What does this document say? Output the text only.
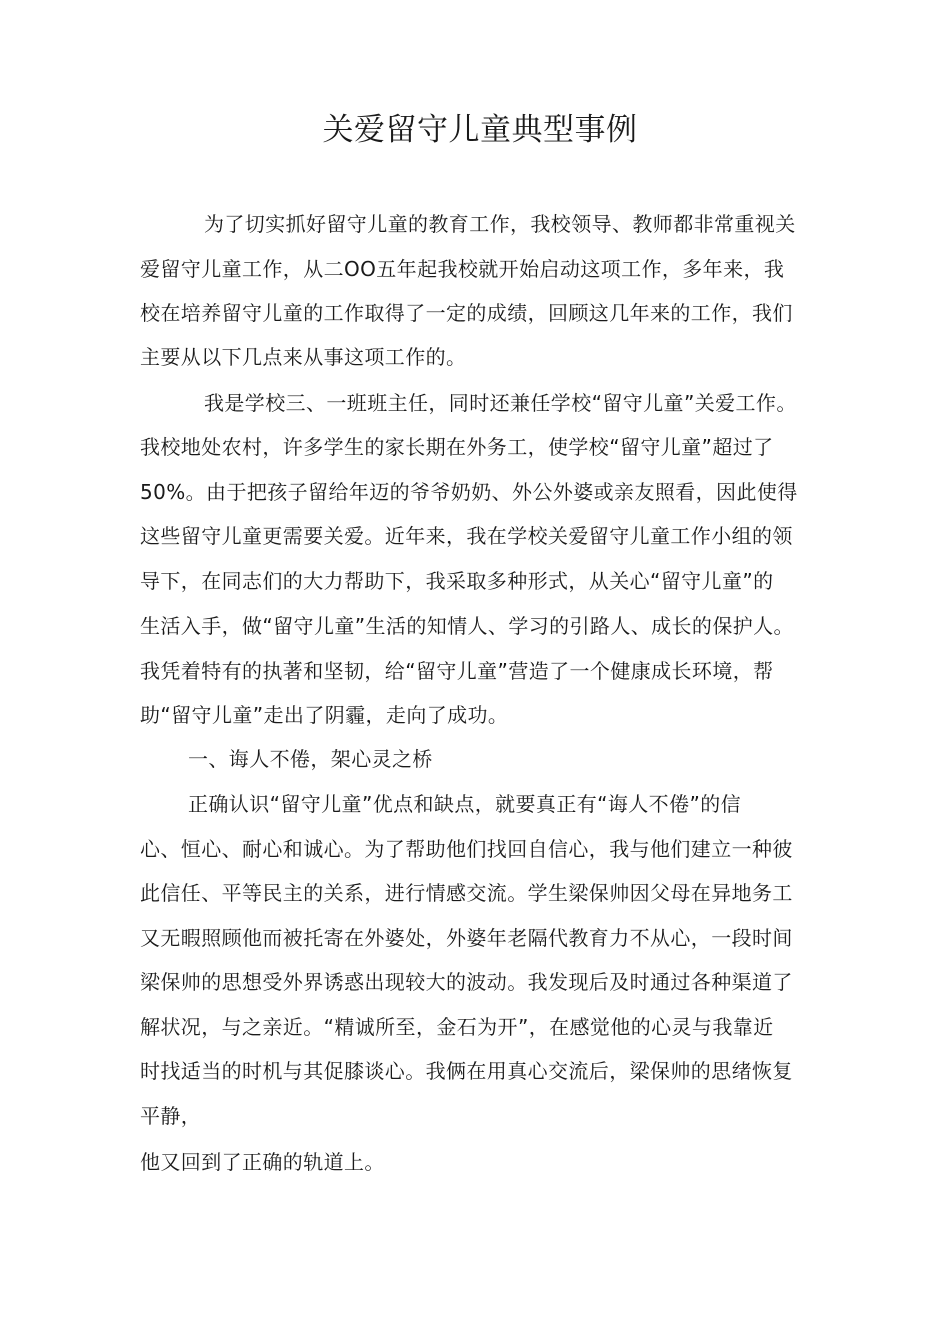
关爱留守儿童典型事例
为了切实抓好留守儿童的教育工作，我校领导、教师都非常重视关
爱留守儿童工作，从二OO五年起我校就开始启动这项工作，多年来，我
校在培养留守儿童的工作取得了一定的成绩，回顾这几年来的工作，我们
主要从以下几点来从事这项工作的。
我是学校三、一班班主任，同时还兼任学校“留守儿童”关爱工作。
我校地处农村，许多学生的家长期在外务工，使学校“留守儿童”超过了
50%。由于把孩子留给年迈的爷爷奶奶、外公外婆或亲友照看，因此使得
这些留守儿童更需要关爱。近年来，我在学校关爱留守儿童工作小组的领
导下，在同志们的大力帮助下，我采取多种形式，从关心“留守儿童”的
生活入手，做“留守儿童”生活的知情人、学习的引路人、成长的保护人。
我凭着特有的执著和坚韧，给“留守儿童”营造了一个健康成长环境，帮
助“留守儿童”走出了阴霾，走向了成功。
一、诲人不倦，架心灵之桥
正确认识“留守儿童”优点和缺点，就要真正有“诲人不倦”的信
心、恒心、耐心和诚心。为了帮助他们找回自信心，我与他们建立一种彼
此信任、平等民主的关系，进行情感交流。学生梁保帅因父母在异地务工
又无暇照顾他而被托寄在外婆处，外婆年老隔代教育力不从心，一段时间
梁保帅的思想受外界诱惑出现较大的波动。我发现后及时通过各种渠道了
解状况，与之亲近。“精诚所至，金石为开”，在感觉他的心灵与我靠近
时找适当的时机与其促膝谈心。我俩在用真心交流后，梁保帅的思绪恢复
平静，
他又回到了正确的轨道上。
